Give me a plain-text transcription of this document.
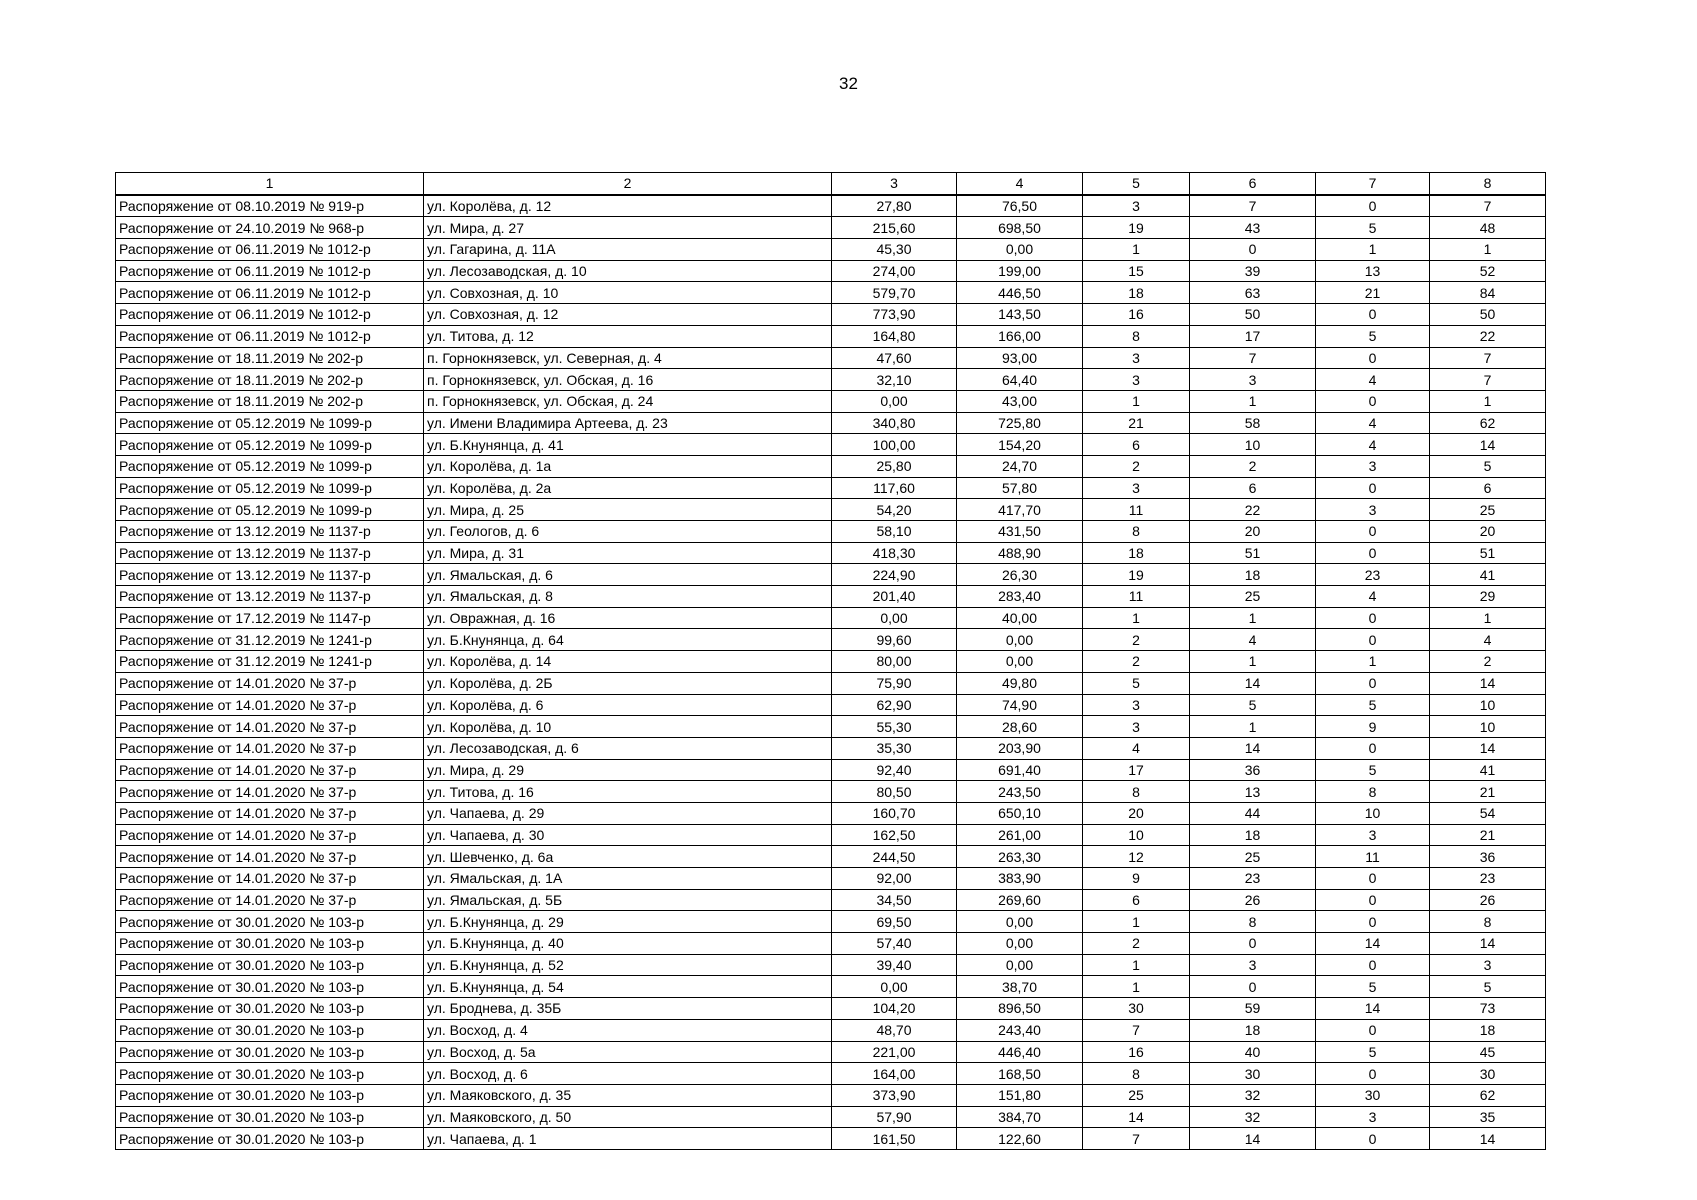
32
1	2	3	4	5	6	7	8
Распоряжение от 08.10.2019 № 919-р	ул. Королёва, д. 12	27,80	76,50	3	7	0	7
Распоряжение от 24.10.2019 № 968-р	ул. Мира, д. 27	215,60	698,50	19	43	5	48
Распоряжение от 06.11.2019 № 1012-р	ул. Гагарина, д. 11А	45,30	0,00	1	0	1	1
Распоряжение от 06.11.2019 № 1012-р	ул. Лесозаводская, д. 10	274,00	199,00	15	39	13	52
Распоряжение от 06.11.2019 № 1012-р	ул. Совхозная, д. 10	579,70	446,50	18	63	21	84
Распоряжение от 06.11.2019 № 1012-р	ул. Совхозная, д. 12	773,90	143,50	16	50	0	50
Распоряжение от 06.11.2019 № 1012-р	ул. Титова, д. 12	164,80	166,00	8	17	5	22
Распоряжение от 18.11.2019 № 202-р	п. Горнокнязевск, ул. Северная, д. 4	47,60	93,00	3	7	0	7
Распоряжение от 18.11.2019 № 202-р	п. Горнокнязевск, ул. Обская, д. 16	32,10	64,40	3	3	4	7
Распоряжение от 18.11.2019 № 202-р	п. Горнокнязевск, ул. Обская, д. 24	0,00	43,00	1	1	0	1
Распоряжение от 05.12.2019 № 1099-р	ул. Имени Владимира Артеева, д. 23	340,80	725,80	21	58	4	62
Распоряжение от 05.12.2019 № 1099-р	ул. Б.Кнунянца, д. 41	100,00	154,20	6	10	4	14
Распоряжение от 05.12.2019 № 1099-р	ул. Королёва, д. 1а	25,80	24,70	2	2	3	5
Распоряжение от 05.12.2019 № 1099-р	ул. Королёва, д. 2а	117,60	57,80	3	6	0	6
Распоряжение от 05.12.2019 № 1099-р	ул. Мира, д. 25	54,20	417,70	11	22	3	25
Распоряжение от 13.12.2019 № 1137-р	ул. Геологов, д. 6	58,10	431,50	8	20	0	20
Распоряжение от 13.12.2019 № 1137-р	ул. Мира, д. 31	418,30	488,90	18	51	0	51
Распоряжение от 13.12.2019 № 1137-р	ул. Ямальская, д. 6	224,90	26,30	19	18	23	41
Распоряжение от 13.12.2019 № 1137-р	ул. Ямальская, д. 8	201,40	283,40	11	25	4	29
Распоряжение от 17.12.2019 № 1147-р	ул. Овражная, д. 16	0,00	40,00	1	1	0	1
Распоряжение от 31.12.2019 № 1241-р	ул. Б.Кнунянца, д. 64	99,60	0,00	2	4	0	4
Распоряжение от 31.12.2019 № 1241-р	ул. Королёва, д. 14	80,00	0,00	2	1	1	2
Распоряжение от 14.01.2020 № 37-р	ул. Королёва, д. 2Б	75,90	49,80	5	14	0	14
Распоряжение от 14.01.2020 № 37-р	ул. Королёва, д. 6	62,90	74,90	3	5	5	10
Распоряжение от 14.01.2020 № 37-р	ул. Королёва, д. 10	55,30	28,60	3	1	9	10
Распоряжение от 14.01.2020 № 37-р	ул. Лесозаводская, д. 6	35,30	203,90	4	14	0	14
Распоряжение от 14.01.2020 № 37-р	ул. Мира, д. 29	92,40	691,40	17	36	5	41
Распоряжение от 14.01.2020 № 37-р	ул. Титова, д. 16	80,50	243,50	8	13	8	21
Распоряжение от 14.01.2020 № 37-р	ул. Чапаева, д. 29	160,70	650,10	20	44	10	54
Распоряжение от 14.01.2020 № 37-р	ул. Чапаева, д. 30	162,50	261,00	10	18	3	21
Распоряжение от 14.01.2020 № 37-р	ул. Шевченко, д. 6а	244,50	263,30	12	25	11	36
Распоряжение от 14.01.2020 № 37-р	ул. Ямальская, д. 1А	92,00	383,90	9	23	0	23
Распоряжение от 14.01.2020 № 37-р	ул. Ямальская, д. 5Б	34,50	269,60	6	26	0	26
Распоряжение от 30.01.2020 № 103-р	ул. Б.Кнунянца, д. 29	69,50	0,00	1	8	0	8
Распоряжение от 30.01.2020 № 103-р	ул. Б.Кнунянца, д. 40	57,40	0,00	2	0	14	14
Распоряжение от 30.01.2020 № 103-р	ул. Б.Кнунянца, д. 52	39,40	0,00	1	3	0	3
Распоряжение от 30.01.2020 № 103-р	ул. Б.Кнунянца, д. 54	0,00	38,70	1	0	5	5
Распоряжение от 30.01.2020 № 103-р	ул. Броднева, д. 35Б	104,20	896,50	30	59	14	73
Распоряжение от 30.01.2020 № 103-р	ул. Восход, д. 4	48,70	243,40	7	18	0	18
Распоряжение от 30.01.2020 № 103-р	ул. Восход, д. 5а	221,00	446,40	16	40	5	45
Распоряжение от 30.01.2020 № 103-р	ул. Восход, д. 6	164,00	168,50	8	30	0	30
Распоряжение от 30.01.2020 № 103-р	ул. Маяковского, д. 35	373,90	151,80	25	32	30	62
Распоряжение от 30.01.2020 № 103-р	ул. Маяковского, д. 50	57,90	384,70	14	32	3	35
Распоряжение от 30.01.2020 № 103-р	ул. Чапаева, д. 1	161,50	122,60	7	14	0	14
